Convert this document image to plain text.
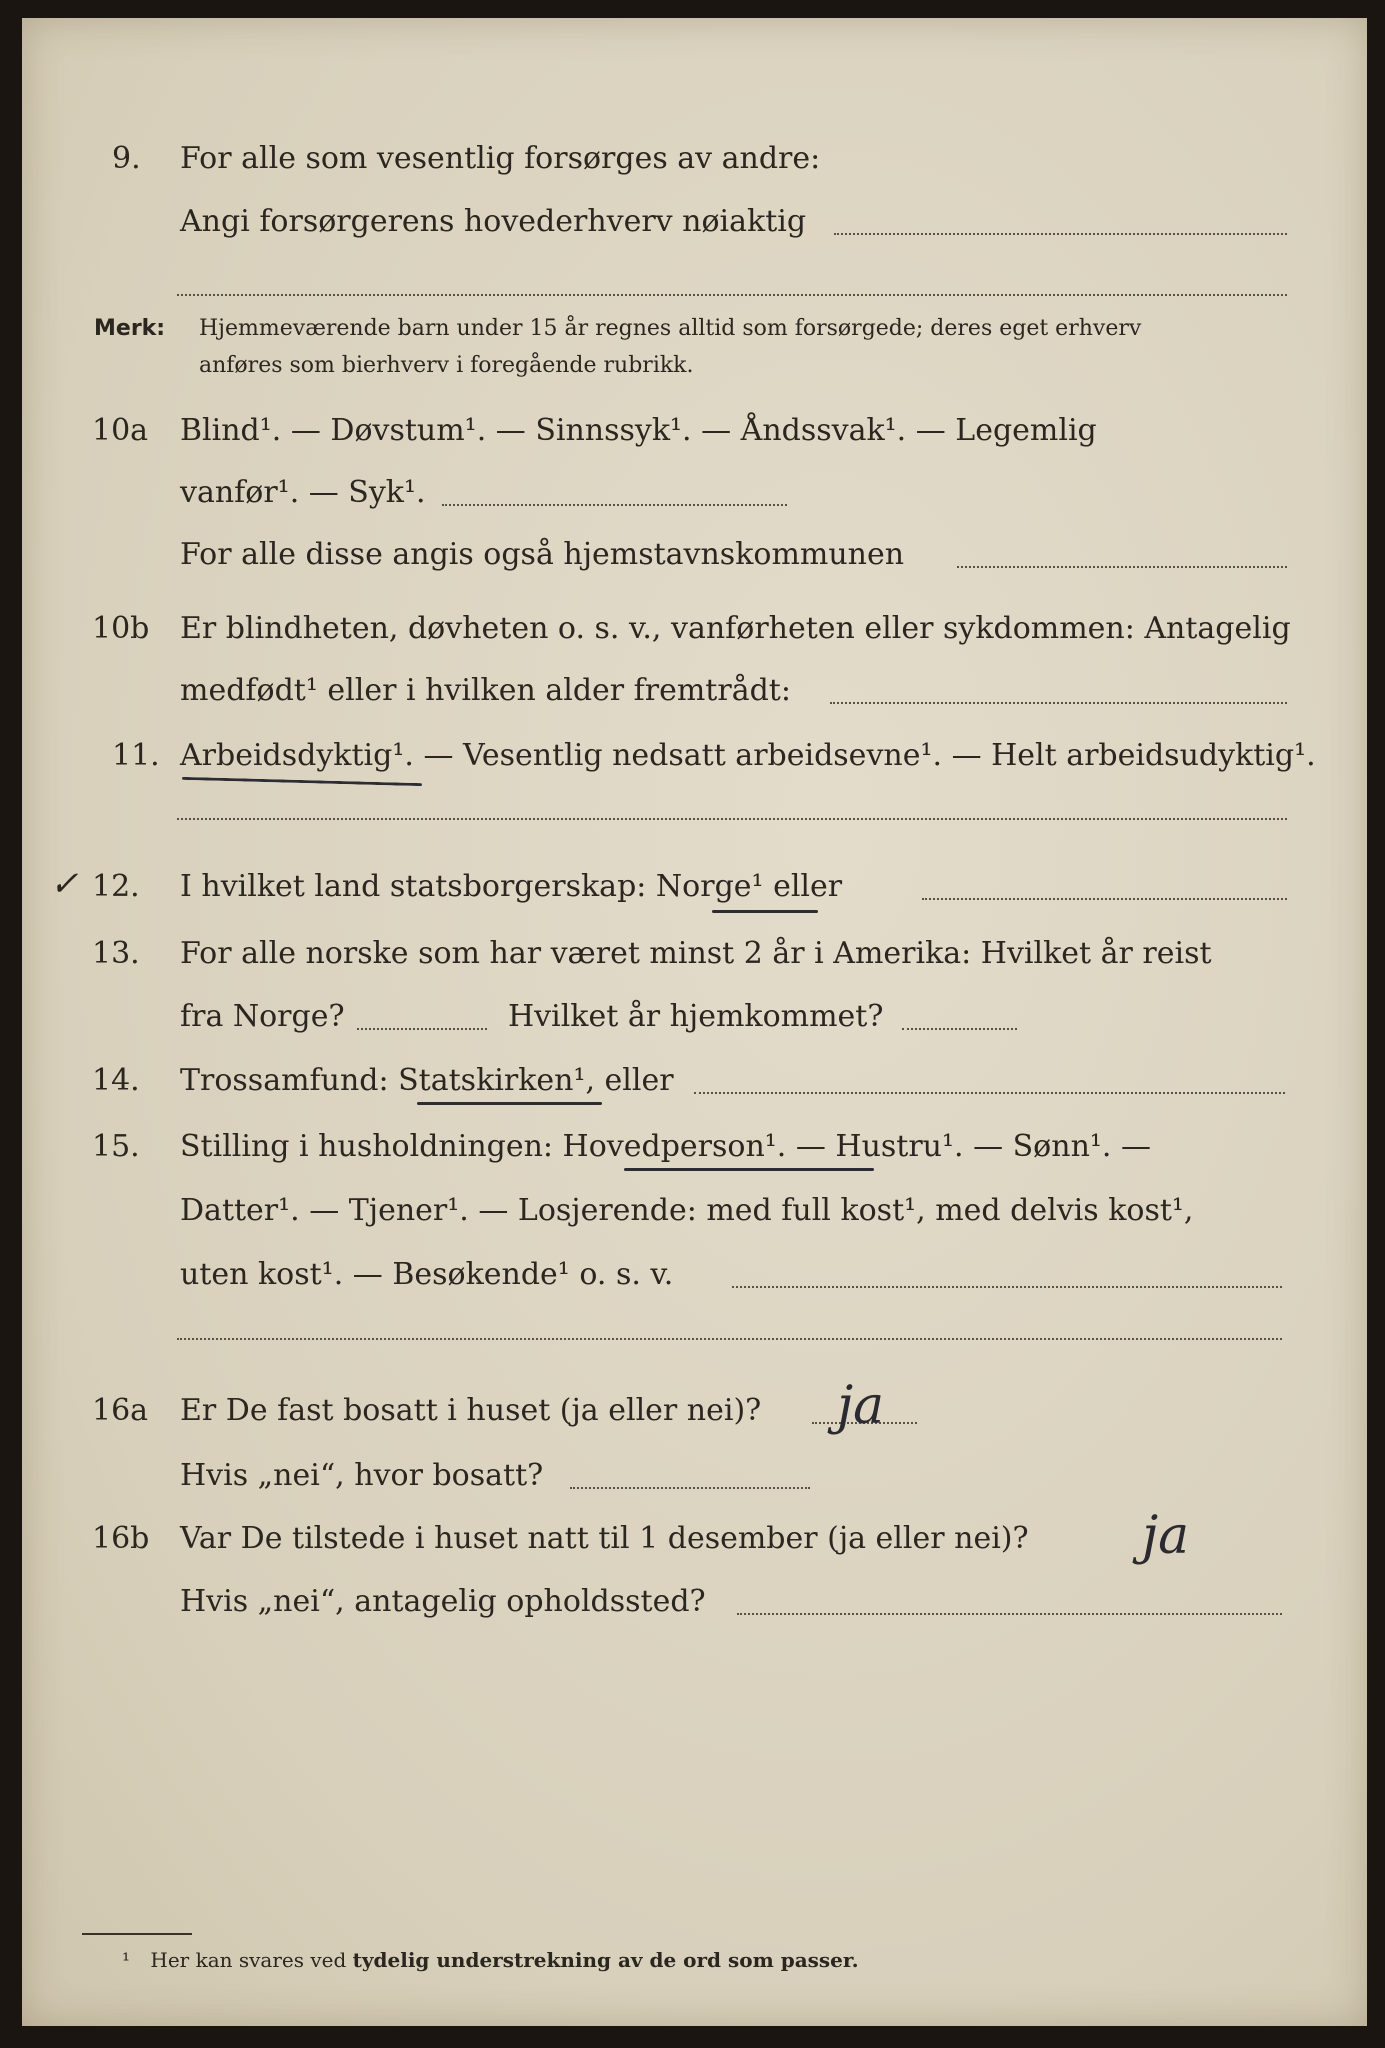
9. For alle som vesentlig forsørges av andre:
Angi forsørgerens hovederhverv nøiaktig
Merk: Hjemmeværende barn under 15 år regnes alltid som forsørgede; deres eget erhverv
anføres som bierhverv i foregående rubrikk.
10a Blind¹. — Døvstum¹. — Sinnssyk¹. — Åndssvak¹. — Legemlig
vanfør¹. — Syk¹.
For alle disse angis også hjemstavnskommunen
10b Er blindheten, døvheten o. s. v., vanførheten eller sykdommen: Antagelig
medfødt¹ eller i hvilken alder fremtrådt:
11. Arbeidsdyktig¹. — Vesentlig nedsatt arbeidsevne¹. — Helt arbeidsudyktig¹.
✓ 12. I hvilket land statsborgerskap: Norge¹ eller
13. For alle norske som har været minst 2 år i Amerika: Hvilket år reist
fra Norge?	Hvilket år hjemkommet?
14. Trossamfund: Statskirken¹, eller
15. Stilling i husholdningen: Hovedperson¹. — Hustru¹. — Sønn¹. —
Datter¹. — Tjener¹. — Losjerende: med full kost¹, med delvis kost¹,
uten kost¹. — Besøkende¹ o. s. v.
16a Er De fast bosatt i huset (ja eller nei)? ja
Hvis „nei“, hvor bosatt?
16b Var De tilstede i huset natt til 1 desember (ja eller nei)? ja
Hvis „nei“, antagelig opholdssted?
¹ Her kan svares ved tydelig understrekning av de ord som passer.
